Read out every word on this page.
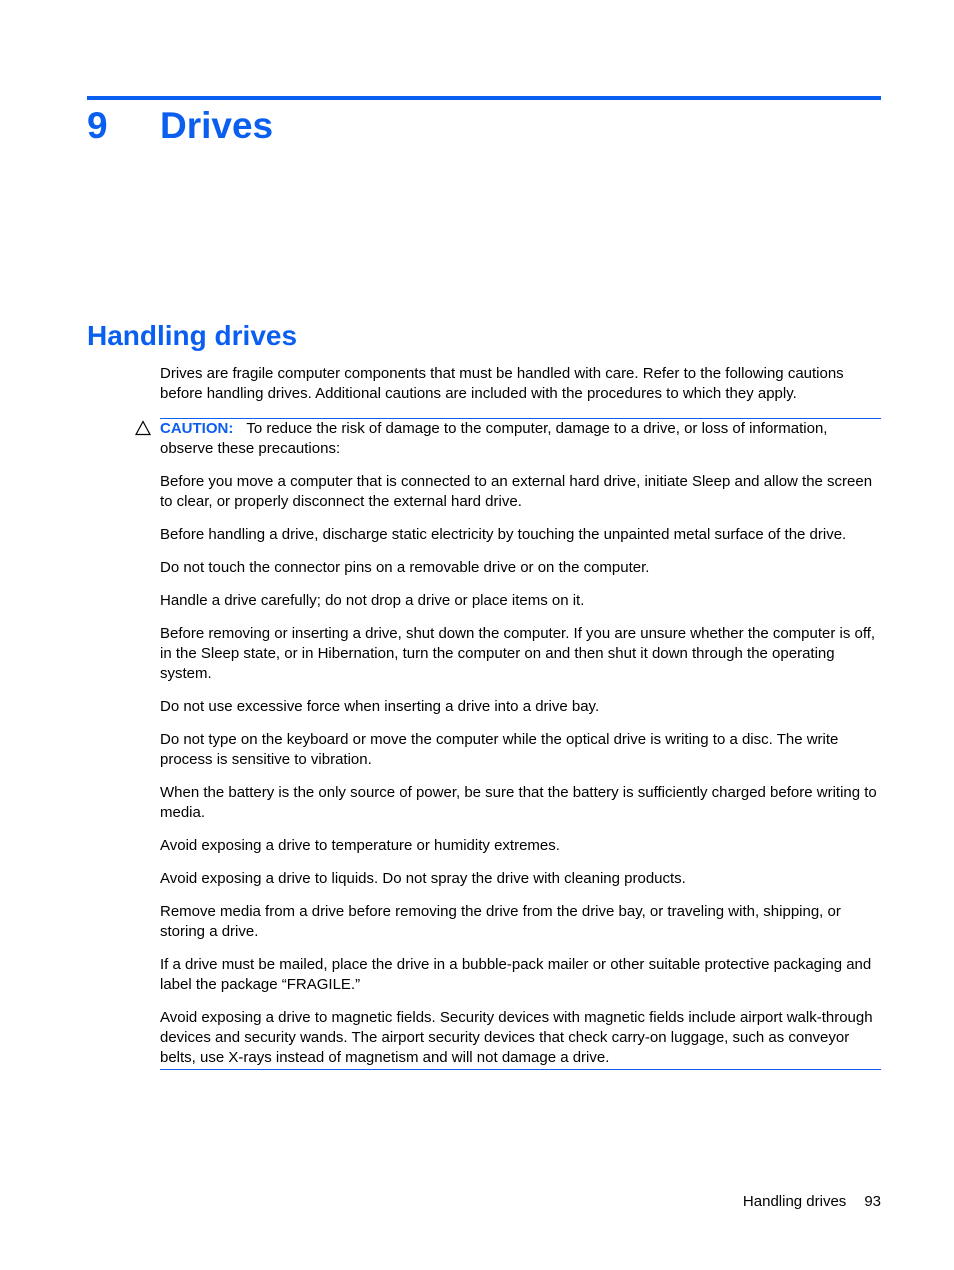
9 Drives
Handling drives

Drives are fragile computer components that must be handled with care. Refer to the following cautions before handling drives. Additional cautions are included with the procedures to which they apply.

CAUTION: To reduce the risk of damage to the computer, damage to a drive, or loss of information, observe these precautions:

Before you move a computer that is connected to an external hard drive, initiate Sleep and allow the screen to clear, or properly disconnect the external hard drive.

Before handling a drive, discharge static electricity by touching the unpainted metal surface of the drive.

Do not touch the connector pins on a removable drive or on the computer.

Handle a drive carefully; do not drop a drive or place items on it.

Before removing or inserting a drive, shut down the computer. If you are unsure whether the computer is off, in the Sleep state, or in Hibernation, turn the computer on and then shut it down through the operating system.

Do not use excessive force when inserting a drive into a drive bay.

Do not type on the keyboard or move the computer while the optical drive is writing to a disc. The write process is sensitive to vibration.

When the battery is the only source of power, be sure that the battery is sufficiently charged before writing to media.

Avoid exposing a drive to temperature or humidity extremes.

Avoid exposing a drive to liquids. Do not spray the drive with cleaning products.

Remove media from a drive before removing the drive from the drive bay, or traveling with, shipping, or storing a drive.

If a drive must be mailed, place the drive in a bubble-pack mailer or other suitable protective packaging and label the package “FRAGILE.”

Avoid exposing a drive to magnetic fields. Security devices with magnetic fields include airport walk-through devices and security wands. The airport security devices that check carry-on luggage, such as conveyor belts, use X-rays instead of magnetism and will not damage a drive.

Handling drives 93
